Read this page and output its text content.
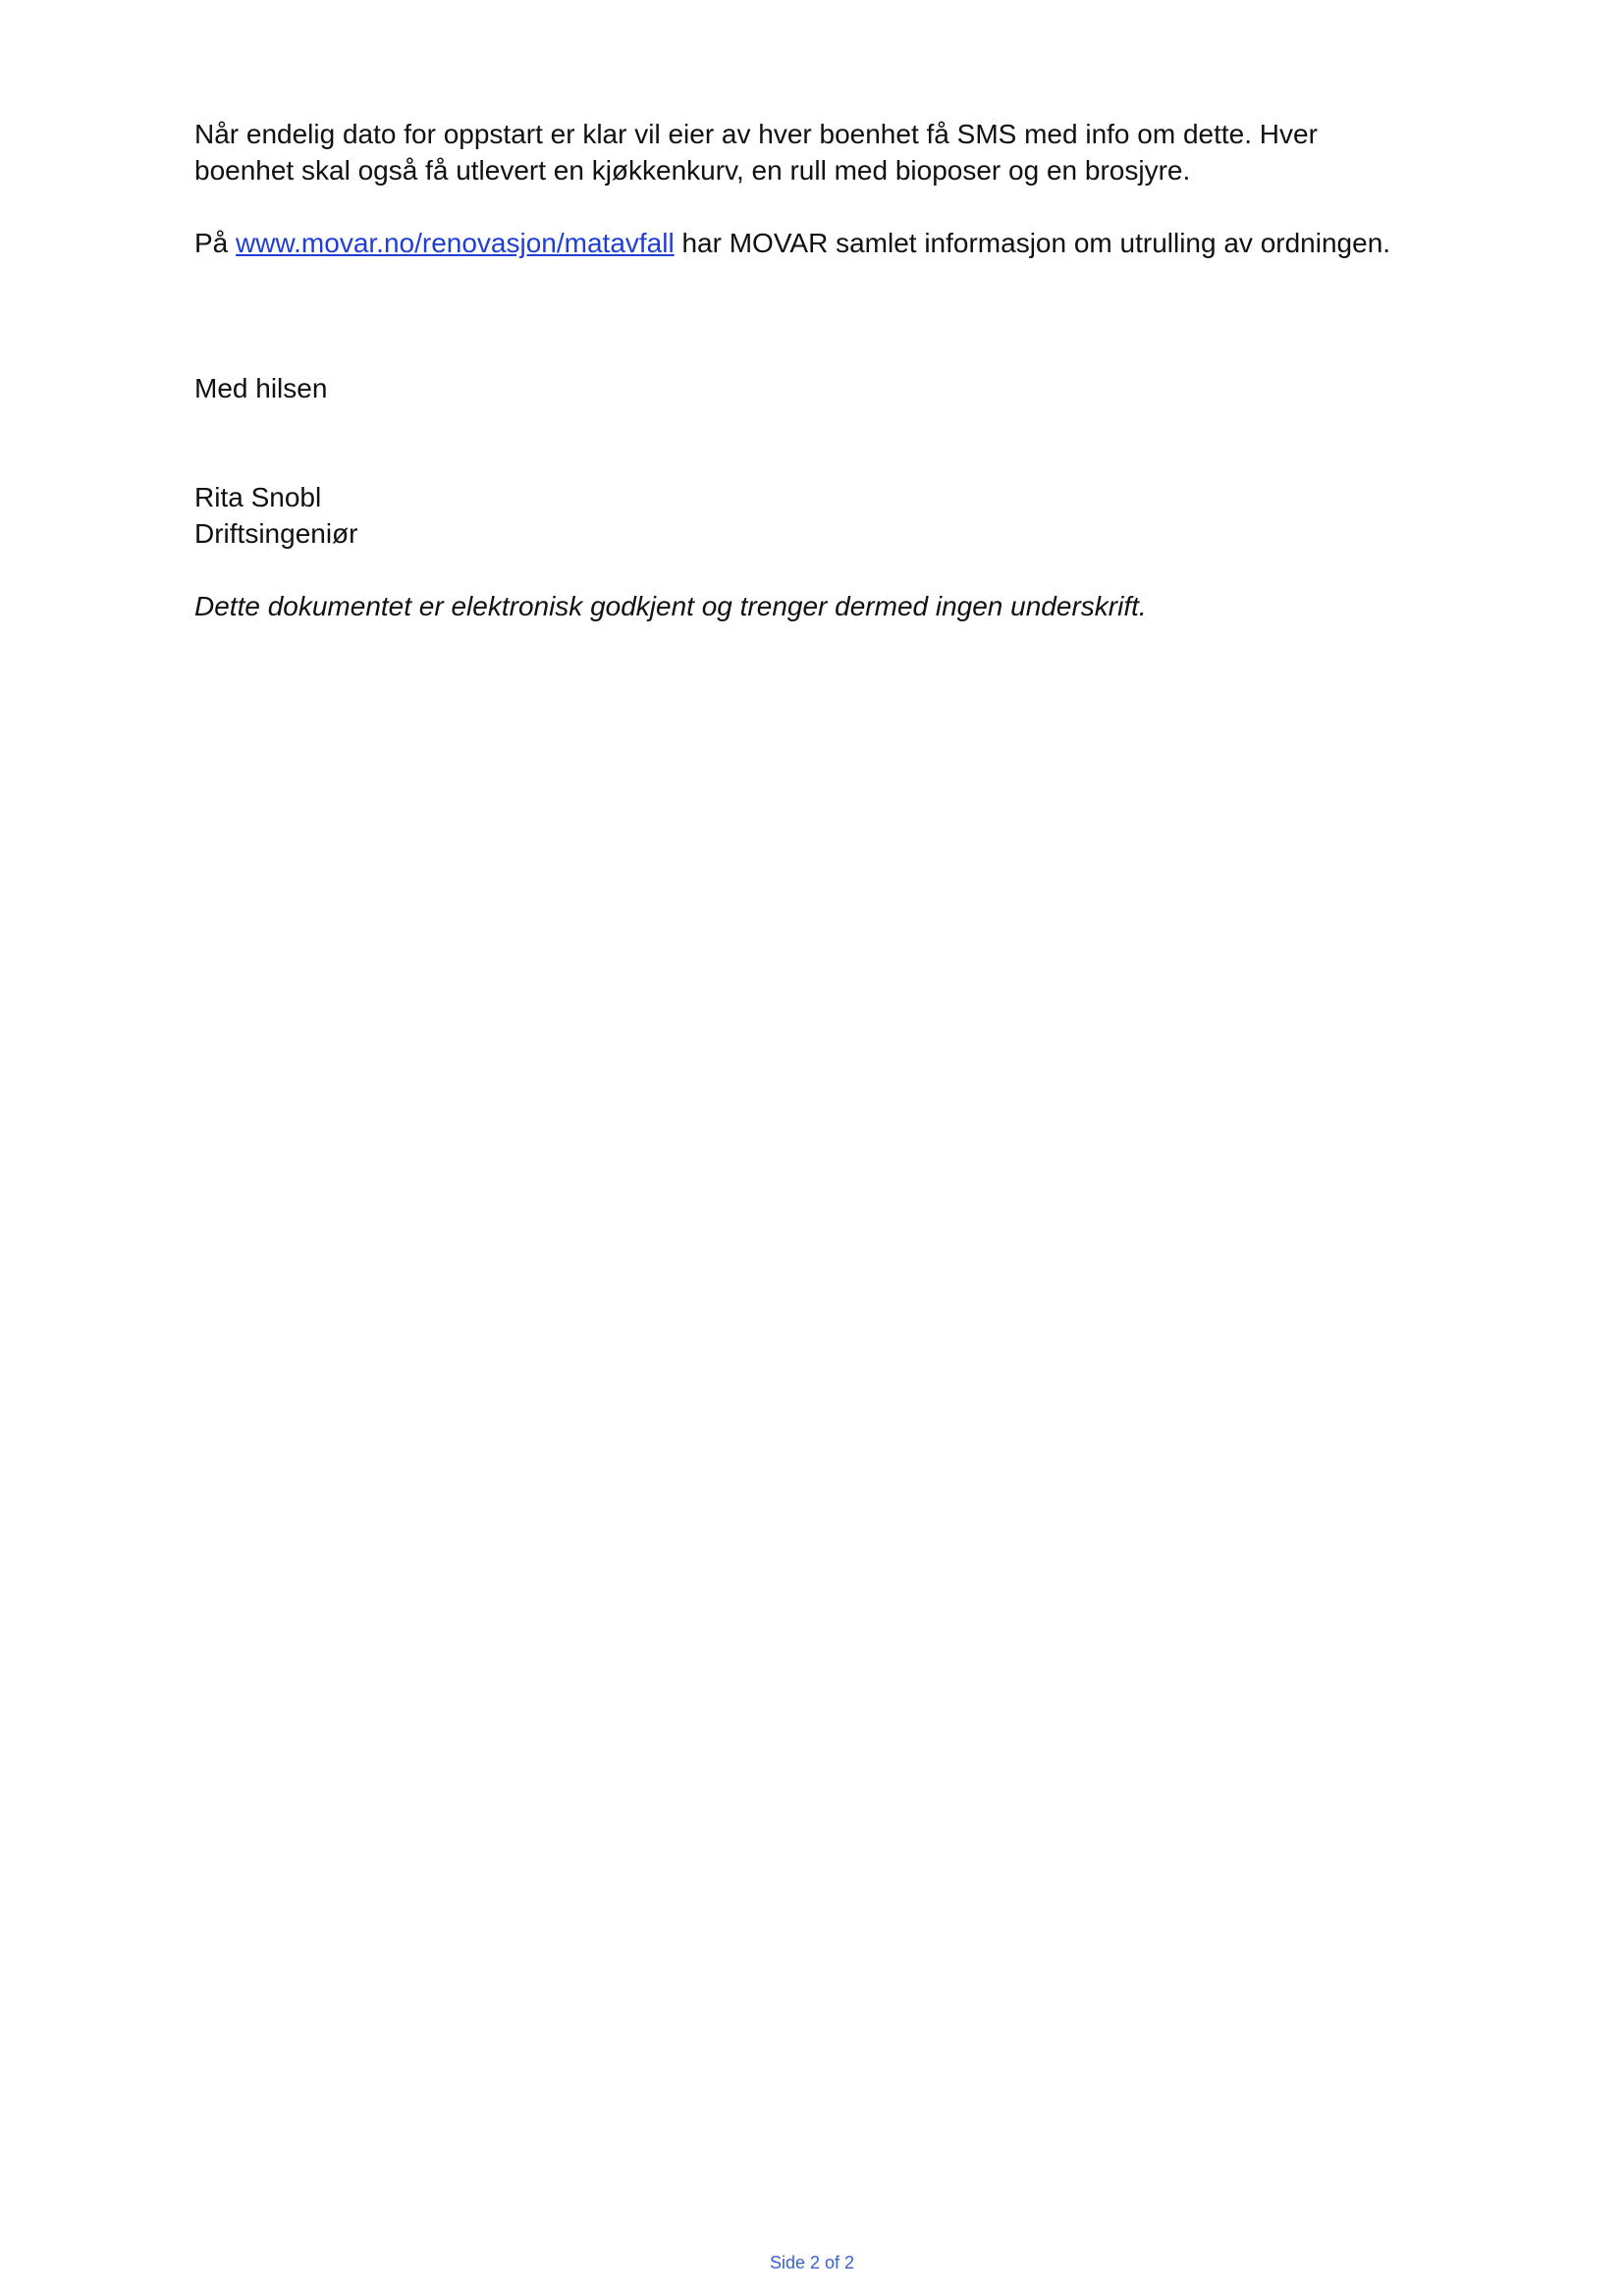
Når endelig dato for oppstart er klar vil eier av hver boenhet få SMS med info om dette. Hver
boenhet skal også få utlevert en kjøkkenkurv, en rull med bioposer og en brosjyre.

På www.movar.no/renovasjon/matavfall har MOVAR samlet informasjon om utrulling av ordningen.

Med hilsen

Rita Snobl
Driftsingeniør

Dette dokumentet er elektronisk godkjent og trenger dermed ingen underskrift.

Side 2 of 2
